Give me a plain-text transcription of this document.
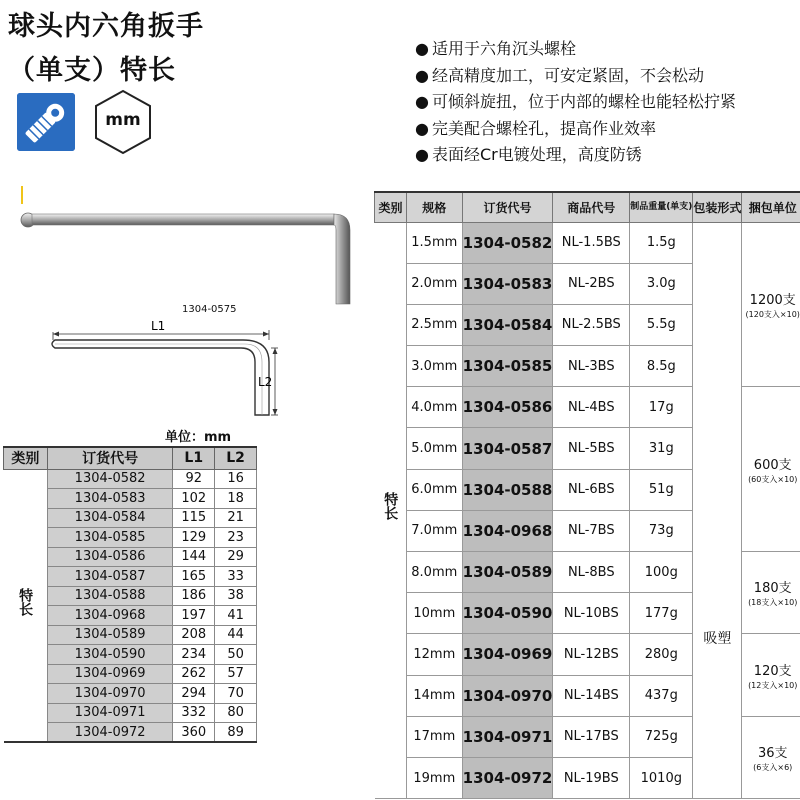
球头内六角扳手
（单支）特长
mm
● 适用于六角沉头螺栓
● 经高精度加工，可安定紧固，不会松动
● 可倾斜旋扭，位于内部的螺栓也能轻松拧紧
● 完美配合螺栓孔，提高作业效率
● 表面经Cr电镀处理，高度防锈
1304-0575
L1
L2
单位：mm
类别	订货代号	L1	L2
特长	1304-0582	92	16
	1304-0583	102	18
	1304-0584	115	21
	1304-0585	129	23
	1304-0586	144	29
	1304-0587	165	33
	1304-0588	186	38
	1304-0968	197	41
	1304-0589	208	44
	1304-0590	234	50
	1304-0969	262	57
	1304-0970	294	70
	1304-0971	332	80
	1304-0972	360	89
类别	规格	订货代号	商品代号	制品重量(单支)	包装形式	捆包单位
特长	1.5mm	1304-0582	NL-1.5BS	1.5g	吸塑	1200支
(120支入×10)

	2.0mm	1304-0583	NL-2BS	3.0g		
	2.5mm	1304-0584	NL-2.5BS	5.5g		
	3.0mm	1304-0585	NL-3BS	8.5g		
	4.0mm	1304-0586	NL-4BS	17g		600支
(60支入×10)

	5.0mm	1304-0587	NL-5BS	31g		
	6.0mm	1304-0588	NL-6BS	51g		
	7.0mm	1304-0968	NL-7BS	73g		
	8.0mm	1304-0589	NL-8BS	100g		180支
(18支入×10)

	10mm	1304-0590	NL-10BS	177g		
	12mm	1304-0969	NL-12BS	280g		120支
(12支入×10)

	14mm	1304-0970	NL-14BS	437g		
	17mm	1304-0971	NL-17BS	725g		36支
(6支入×6)

	19mm	1304-0972	NL-19BS	1010g		
